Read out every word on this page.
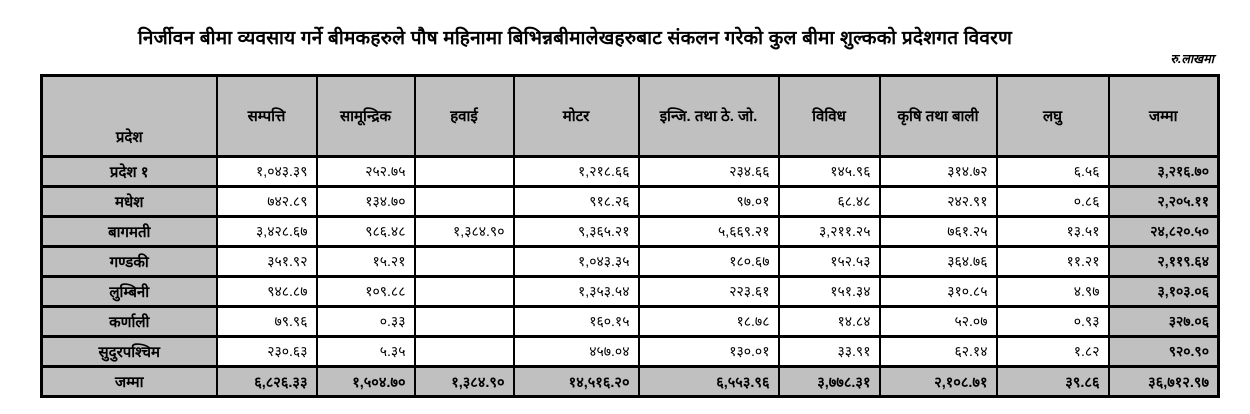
निर्जीवन बीमा व्यवसाय गर्ने बीमकहरुले पौष महिनामा बिभिन्नबीमालेखहरुबाट संकलन गरेको कुल बीमा शुल्कको प्रदेशगत विवरण
रु.लाखमा
प्रदेश	सम्पत्ति	सामून्द्रिक	हवाई	मोटर	इन्जि. तथा ठे. जो.	विविध	कृषि तथा बाली	लघु	जम्मा
प्रदेश १	१,०४३.३९	२५२.७५		१,२१८.६६	२३४.६६	१४५.९६	३१४.७२	६.५६	३,२१६.७०
मधेश	७४२.८९	१३४.७०		९१८.२६	९७.०१	६८.४८	२४२.९१	०.८६	२,२०५.११
बागमती	३,४२८.६७	९८६.४८	१,३८४.९०	९,३६५.२१	५,६६९.२१	३,२११.२५	७६१.२५	१३.५१	२४,८२०.५०
गण्डकी	३५१.९२	१५.२१		१,०४३.३५	१८०.६७	१५२.५३	३६४.७६	११.२१	२,११९.६४
लुम्बिनी	९४८.८७	१०९.८८		१,३५३.५४	२२३.६१	१५१.३४	३१०.८५	४.९७	३,१०३.०६
कर्णाली	७९.९६	०.३३		१६०.१५	१८.७८	१४.८४	५२.०७	०.९३	३२७.०६
सुदुरपश्चिम	२३०.६३	५.३५		४५७.०४	१३०.०१	३३.९१	६२.१४	१.८२	९२०.९०
जम्मा	६,८२६.३३	१,५०४.७०	१,३८४.९०	१४,५१६.२०	६,५५३.९६	३,७७८.३१	२,१०८.७१	३९.८६	३६,७१२.९७
